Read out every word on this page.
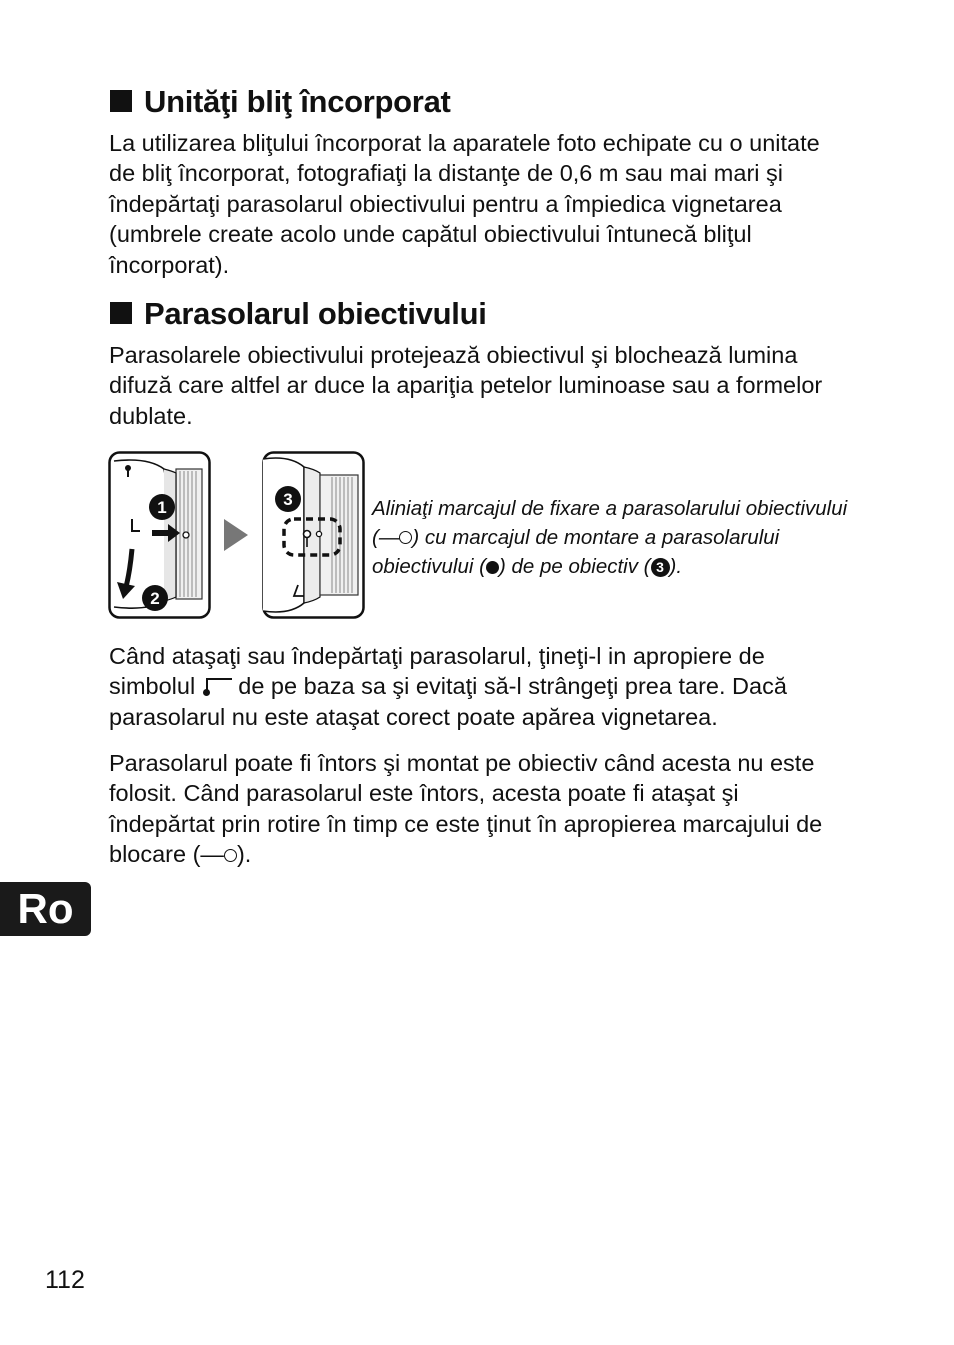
Unităţi bliţ încorporat

La utilizarea bliţului încorporat la aparatele foto echipate cu o unitate de bliţ încorporat, fotografiaţi la distanţe de 0,6 m sau mai mari şi îndepărtaţi parasolarul obiectivului pentru a împiedica vignetarea (umbrele create acolo unde capătul obiectivului întunecă bliţul încorporat).

Parasolarul obiectivului

Parasolarele obiectivului protejează obiectivul şi blochează lumina difuză care altfel ar duce la apariţia petelor luminoase sau a formelor dublate.

1
2
3	Aliniaţi marcajul de fixare a parasolarului obiectivului (— ) cu marcajul de montare a parasolarului obiectivului ( ) de pe obiectiv ( 3 ).

Când ataşaţi sau îndepărtaţi parasolarul, ţineţi-l in apropiere de simbolul
de pe baza sa şi evitaţi să-l strângeţi prea tare. Dacă parasolarul nu este ataşat corect poate apărea vignetarea.

Parasolarul poate fi întors şi montat pe obiectiv când acesta nu este folosit. Când parasolarul este întors, acesta poate fi ataşat şi îndepărtat prin rotire în timp ce este ţinut în apropierea marcajului de blocare (— ).

Ro

112
